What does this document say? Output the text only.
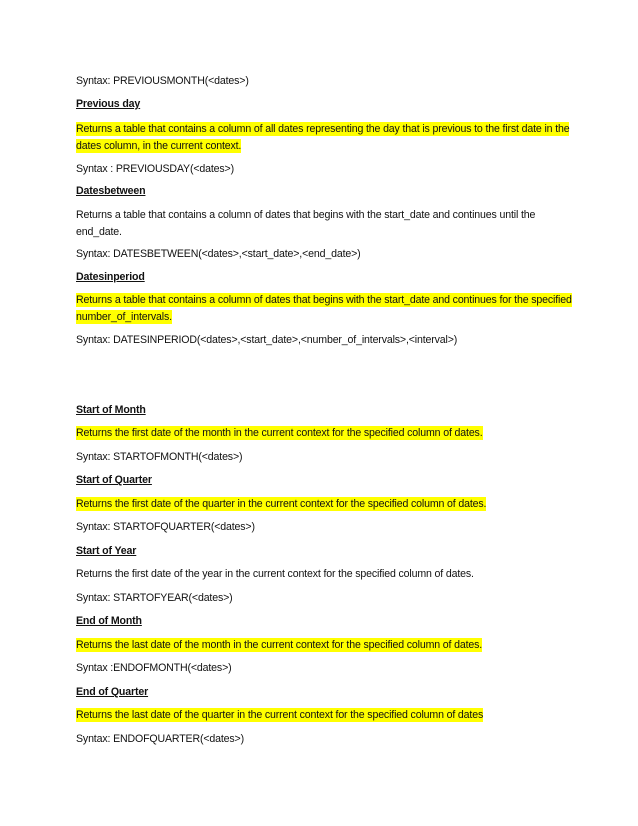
Syntax: PREVIOUSMONTH(<dates>)
Previous day
Returns a table that contains a column of all dates representing the day that is previous to the first date in the dates column, in the current context.
Syntax : PREVIOUSDAY(<dates>)
Datesbetween
Returns a table that contains a column of dates that begins with the start_date and continues until the end_date.
Syntax: DATESBETWEEN(<dates>,<start_date>,<end_date>)
Datesinperiod
Returns a table that contains a column of dates that begins with the start_date and continues for the specified number_of_intervals.
Syntax: DATESINPERIOD(<dates>,<start_date>,<number_of_intervals>,<interval>)
Start of Month
Returns the first date of the month in the current context for the specified column of dates.
Syntax: STARTOFMONTH(<dates>)
Start of Quarter
Returns the first date of the quarter in the current context for the specified column of dates.
Syntax: STARTOFQUARTER(<dates>)
Start of Year
Returns the first date of the year in the current context for the specified column of dates.
Syntax: STARTOFYEAR(<dates>)
End of Month
Returns the last date of the month in the current context for the specified column of dates.
Syntax :ENDOFMONTH(<dates>)
End of Quarter
Returns the last date of the quarter in the current context for the specified column of dates
Syntax: ENDOFQUARTER(<dates>)
